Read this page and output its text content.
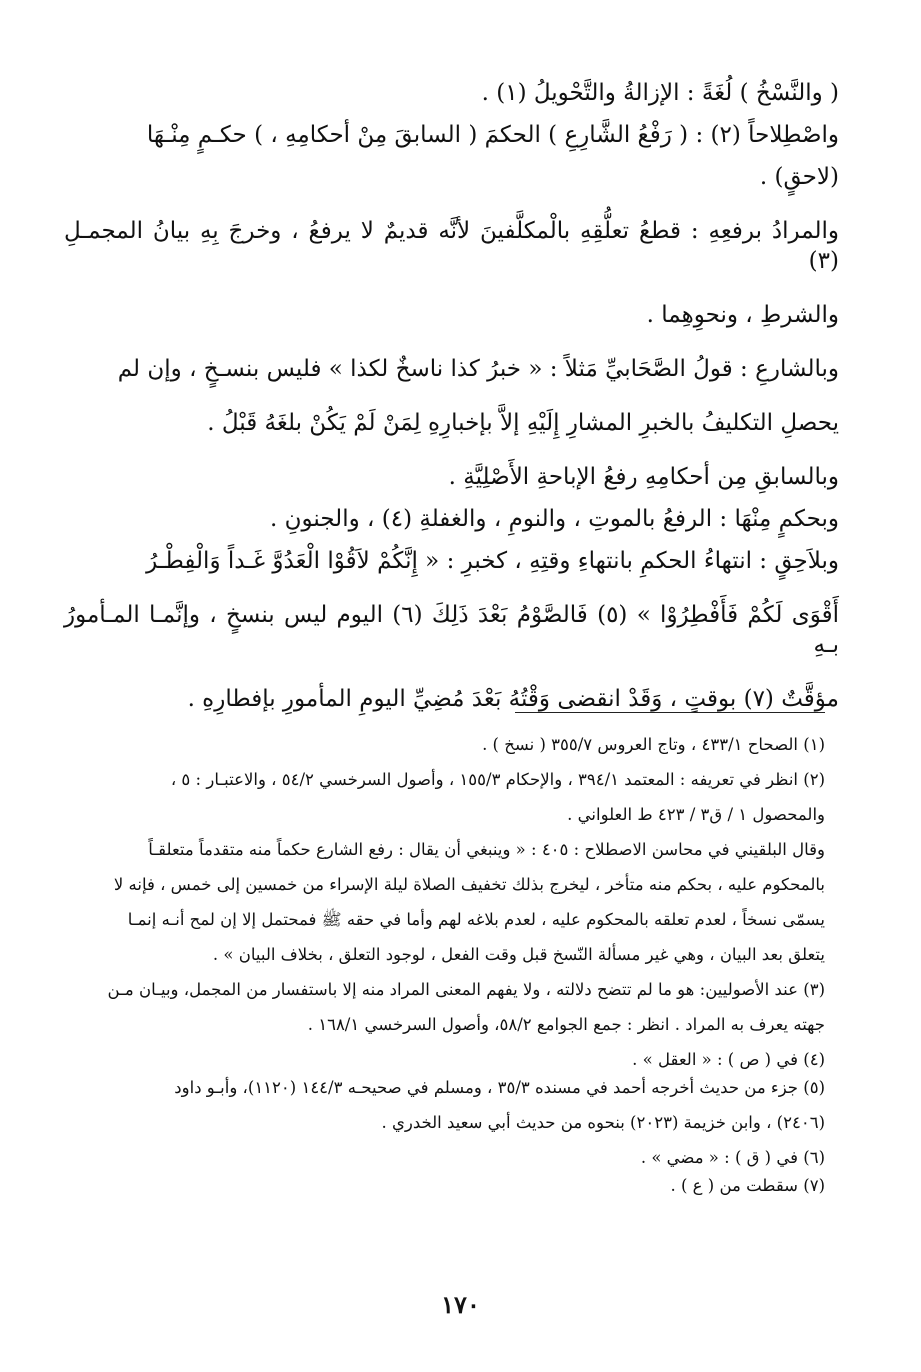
( والنَّسْخُ ) لُغَةً : الإزالةُ والتَّحْويلُ (١) .

واصْطِلاحاً (٢) : ( رَفْعُ الشَّارِعِ ) الحكمَ ( السابقَ مِنْ أحكامِهِ ، ) حكـمٍ مِنْـهَا

(لاحقٍ) .

والمرادُ برفعِهِ : قطعُ تعلُّقِهِ بالْمكلَّفينَ لأنَّه قديمٌ لا يرفعُ ، وخرجَ بِهِ بيانُ المجمـلِ (٣)

والشرطِ ، ونحوِهِما .

وبالشارعِ : قولُ الصَّحَابيِّ مَثلاً : « خبرُ كذا ناسخٌ لكذا » فليس بنسـخٍ ، وإن لم

يحصلِ التكليفُ بالخبرِ المشارِ إِلَيْهِ إلاَّ بإخبارِهِ لِمَنْ لَمْ يَكُنْ بلغَهُ قَبْلُ .

وبالسابقِ مِن أحكامِهِ رفعُ الإباحةِ الأَصْلِيَّةِ .

وبحكمٍ مِنْهَا : الرفعُ بالموتِ ، والنومِ ، والغفلةِ (٤) ، والجنونِ .

وبلاَحِقٍ : انتهاءُ الحكمِ بانتهاءِ وقتِهِ ، كخبرِ : « إِنَّكُمْ لاَقُوْا الْعَدُوَّ غَـداً وَالْفِطْـرُ

أَقْوَى لَكُمْ فَأَفْطِرُوْا » (٥) فَالصَّوْمُ بَعْدَ ذَلِكَ (٦) اليوم ليس بنسخٍ ، وإنَّمـا المـأمورُ بـهِ

مؤقَّتٌ (٧) بوقتٍ ، وَقَدْ انقضى وَقْتُهُ بَعْدَ مُضِيِّ اليومِ المأمورِ بإفطارِهِ .

(١) الصحاح ٤٣٣/١ ، وتاج العروس ٣٥٥/٧ ( نسخ ) .

(٢) انظر في تعريفه : المعتمد ٣٩٤/١ ، والإحكام ١٥٥/٣ ، وأصول السرخسي ٥٤/٢ ، والاعتبـار : ٥ ،

والمحصول ١ / ق٣ / ٤٢٣ ط العلواني .

وقال البلقيني في محاسن الاصطلاح : ٤٠٥ : « وينبغي أن يقال : رفع الشارع حكماً منه متقدماً متعلقـاً

بالمحكوم عليه ، بحكم منه متأخر ، ليخرج بذلك تخفيف الصلاة ليلة الإسراء من خمسين إلى خمس ، فإنه لا

يسمّى نسخاً ، لعدم تعلقه بالمحكوم عليه ، لعدم بلاغه لهم وأما في حقه ﷺ فمحتمل إلا إن لمح أنـه إنمـا

يتعلق بعد البيان ، وهي غير مسألة النّسخ قبل وقت الفعل ، لوجود التعلق ، بخلاف البيان » .

(٣) عند الأصوليين: هو ما لم تتضح دلالته ، ولا يفهم المعنى المراد منه إلا باستفسار من المجمل، وبيـان مـن

جهته يعرف به المراد . انظر : جمع الجوامع ٥٨/٢، وأصول السرخسي ١٦٨/١ .

(٤) في ( ص ) : « العقل » .

(٥) جزء من حديث أخرجه أحمد في مسنده ٣٥/٣ ، ومسلم في صحيحـه ١٤٤/٣ (١١٢٠)، وأبـو داود

(٢٤٠٦) ، وابن خزيمة (٢٠٢٣) بنحوه من حديث أبي سعيد الخدري .

(٦) في ( ق ) : « مضي » .

(٧) سقطت من ( ع ) .

١٧٠
